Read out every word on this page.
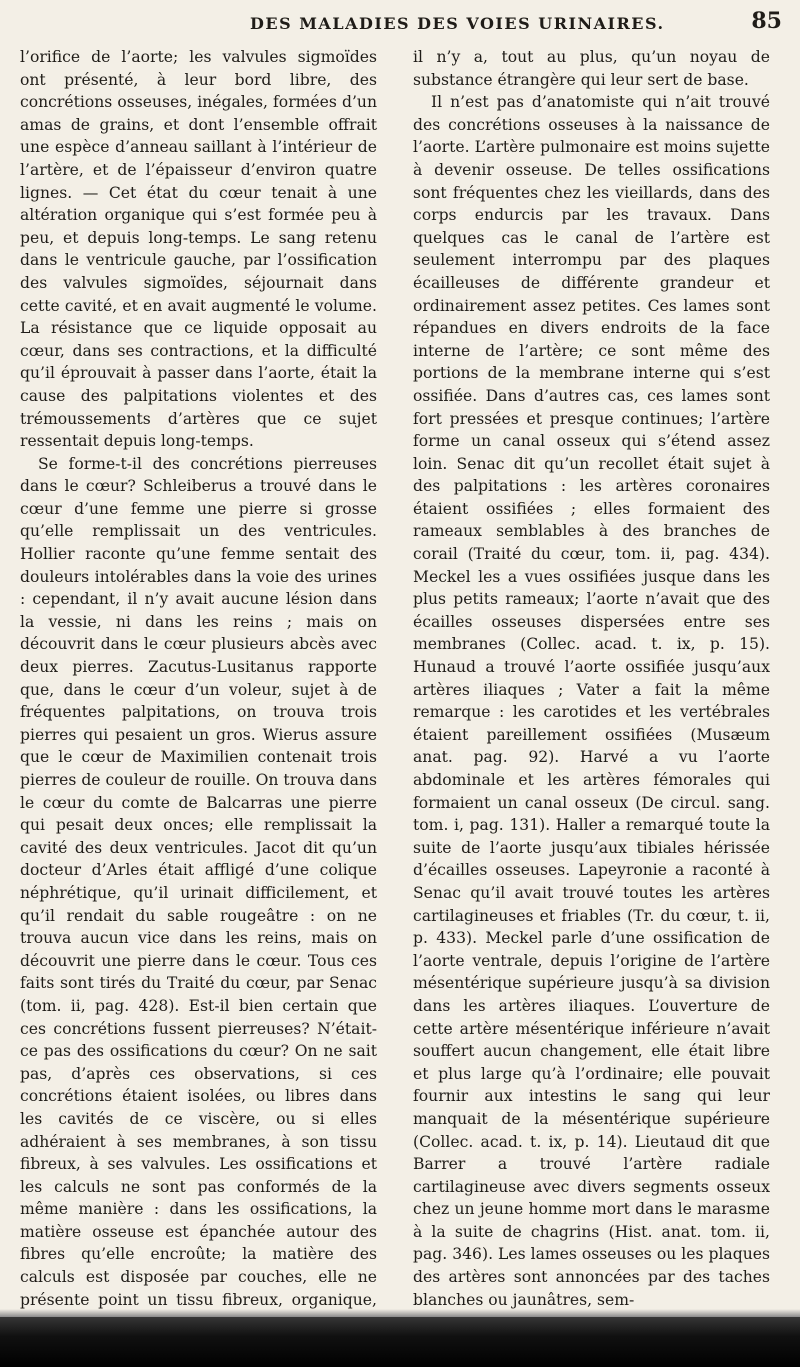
DES MALADIES DES VOIES URINAIRES.	85

l’orifice de l’aorte; les valvules sigmoïdes ont présenté, à leur bord libre, des concrétions osseuses, inégales, formées d’un amas de grains, et dont l’ensemble offrait une espèce d’anneau saillant à l’intérieur de l’artère, et de l’épaisseur d’environ quatre lignes. — Cet état du cœur tenait à une altération organique qui s’est formée peu à peu, et depuis long-temps. Le sang retenu dans le ventricule gauche, par l’ossification des valvules sigmoïdes, séjournait dans cette cavité, et en avait augmenté le volume. La résistance que ce liquide opposait au cœur, dans ses contractions, et la difficulté qu’il éprouvait à passer dans l’aorte, était la cause des palpitations violentes et des trémoussements d’artères que ce sujet ressentait depuis long-temps.

Se forme-t-il des concrétions pierreuses dans le cœur? Schleiberus a trouvé dans le cœur d’une femme une pierre si grosse qu’elle remplissait un des ventricules. Hollier raconte qu’une femme sentait des douleurs intolérables dans la voie des urines : cependant, il n’y avait aucune lésion dans la vessie, ni dans les reins ; mais on découvrit dans le cœur plusieurs abcès avec deux pierres. Zacutus-Lusitanus rapporte que, dans le cœur d’un voleur, sujet à de fréquentes palpitations, on trouva trois pierres qui pesaient un gros. Wierus assure que le cœur de Maximilien contenait trois pierres de couleur de rouille. On trouva dans le cœur du comte de Balcarras une pierre qui pesait deux onces; elle remplissait la cavité des deux ventricules. Jacot dit qu’un docteur d’Arles était affligé d’une colique néphrétique, qu’il urinait difficilement, et qu’il rendait du sable rougeâtre : on ne trouva aucun vice dans les reins, mais on découvrit une pierre dans le cœur. Tous ces faits sont tirés du Traité du cœur, par Senac (tom. ii, pag. 428). Est-il bien certain que ces concrétions fussent pierreuses? N’était-ce pas des ossifications du cœur? On ne sait pas, d’après ces observations, si ces concrétions étaient isolées, ou libres dans les cavités de ce viscère, ou si elles adhéraient à ses membranes, à son tissu fibreux, à ses valvules. Les ossifications et les calculs ne sont pas conformés de la même manière : dans les ossifications, la matière osseuse est épanchée autour des fibres qu’elle encroûte; la matière des calculs est disposée par couches, elle ne présente point un tissu fibreux, organique,

il n’y a, tout au plus, qu’un noyau de substance étrangère qui leur sert de base.

Il n’est pas d’anatomiste qui n’ait trouvé des concrétions osseuses à la naissance de l’aorte. L’artère pulmonaire est moins sujette à devenir osseuse. De telles ossifications sont fréquentes chez les vieillards, dans des corps endurcis par les travaux. Dans quelques cas le canal de l’artère est seulement interrompu par des plaques écailleuses de différente grandeur et ordinairement assez petites. Ces lames sont répandues en divers endroits de la face interne de l’artère; ce sont même des portions de la membrane interne qui s’est ossifiée. Dans d’autres cas, ces lames sont fort pressées et presque continues; l’artère forme un canal osseux qui s’étend assez loin. Senac dit qu’un recollet était sujet à des palpitations : les artères coronaires étaient ossifiées ; elles formaient des rameaux semblables à des branches de corail (Traité du cœur, tom. ii, pag. 434). Meckel les a vues ossifiées jusque dans les plus petits rameaux; l’aorte n’avait que des écailles osseuses dispersées entre ses membranes (Collec. acad. t. ix, p. 15). Hunaud a trouvé l’aorte ossifiée jusqu’aux artères iliaques ; Vater a fait la même remarque : les carotides et les vertébrales étaient pareillement ossifiées (Musæum anat. pag. 92). Harvé a vu l’aorte abdominale et les artères fémorales qui formaient un canal osseux (De circul. sang. tom. i, pag. 131). Haller a remarqué toute la suite de l’aorte jusqu’aux tibiales hérissée d’écailles osseuses. Lapeyronie a raconté à Senac qu’il avait trouvé toutes les artères cartilagineuses et friables (Tr. du cœur, t. ii, p. 433). Meckel parle d’une ossification de l’aorte ventrale, depuis l’origine de l’artère mésentérique supérieure jusqu’à sa division dans les artères iliaques. L’ouverture de cette artère mésentérique inférieure n’avait souffert aucun changement, elle était libre et plus large qu’à l’ordinaire; elle pouvait fournir aux intestins le sang qui leur manquait de la mésentérique supérieure (Collec. acad. t. ix, p. 14). Lieutaud dit que Barrer a trouvé l’artère radiale cartilagineuse avec divers segments osseux chez un jeune homme mort dans le marasme à la suite de chagrins (Hist. anat. tom. ii, pag. 346). Les lames osseuses ou les plaques des artères sont annoncées par des taches blanches ou jaunâtres, sem-
